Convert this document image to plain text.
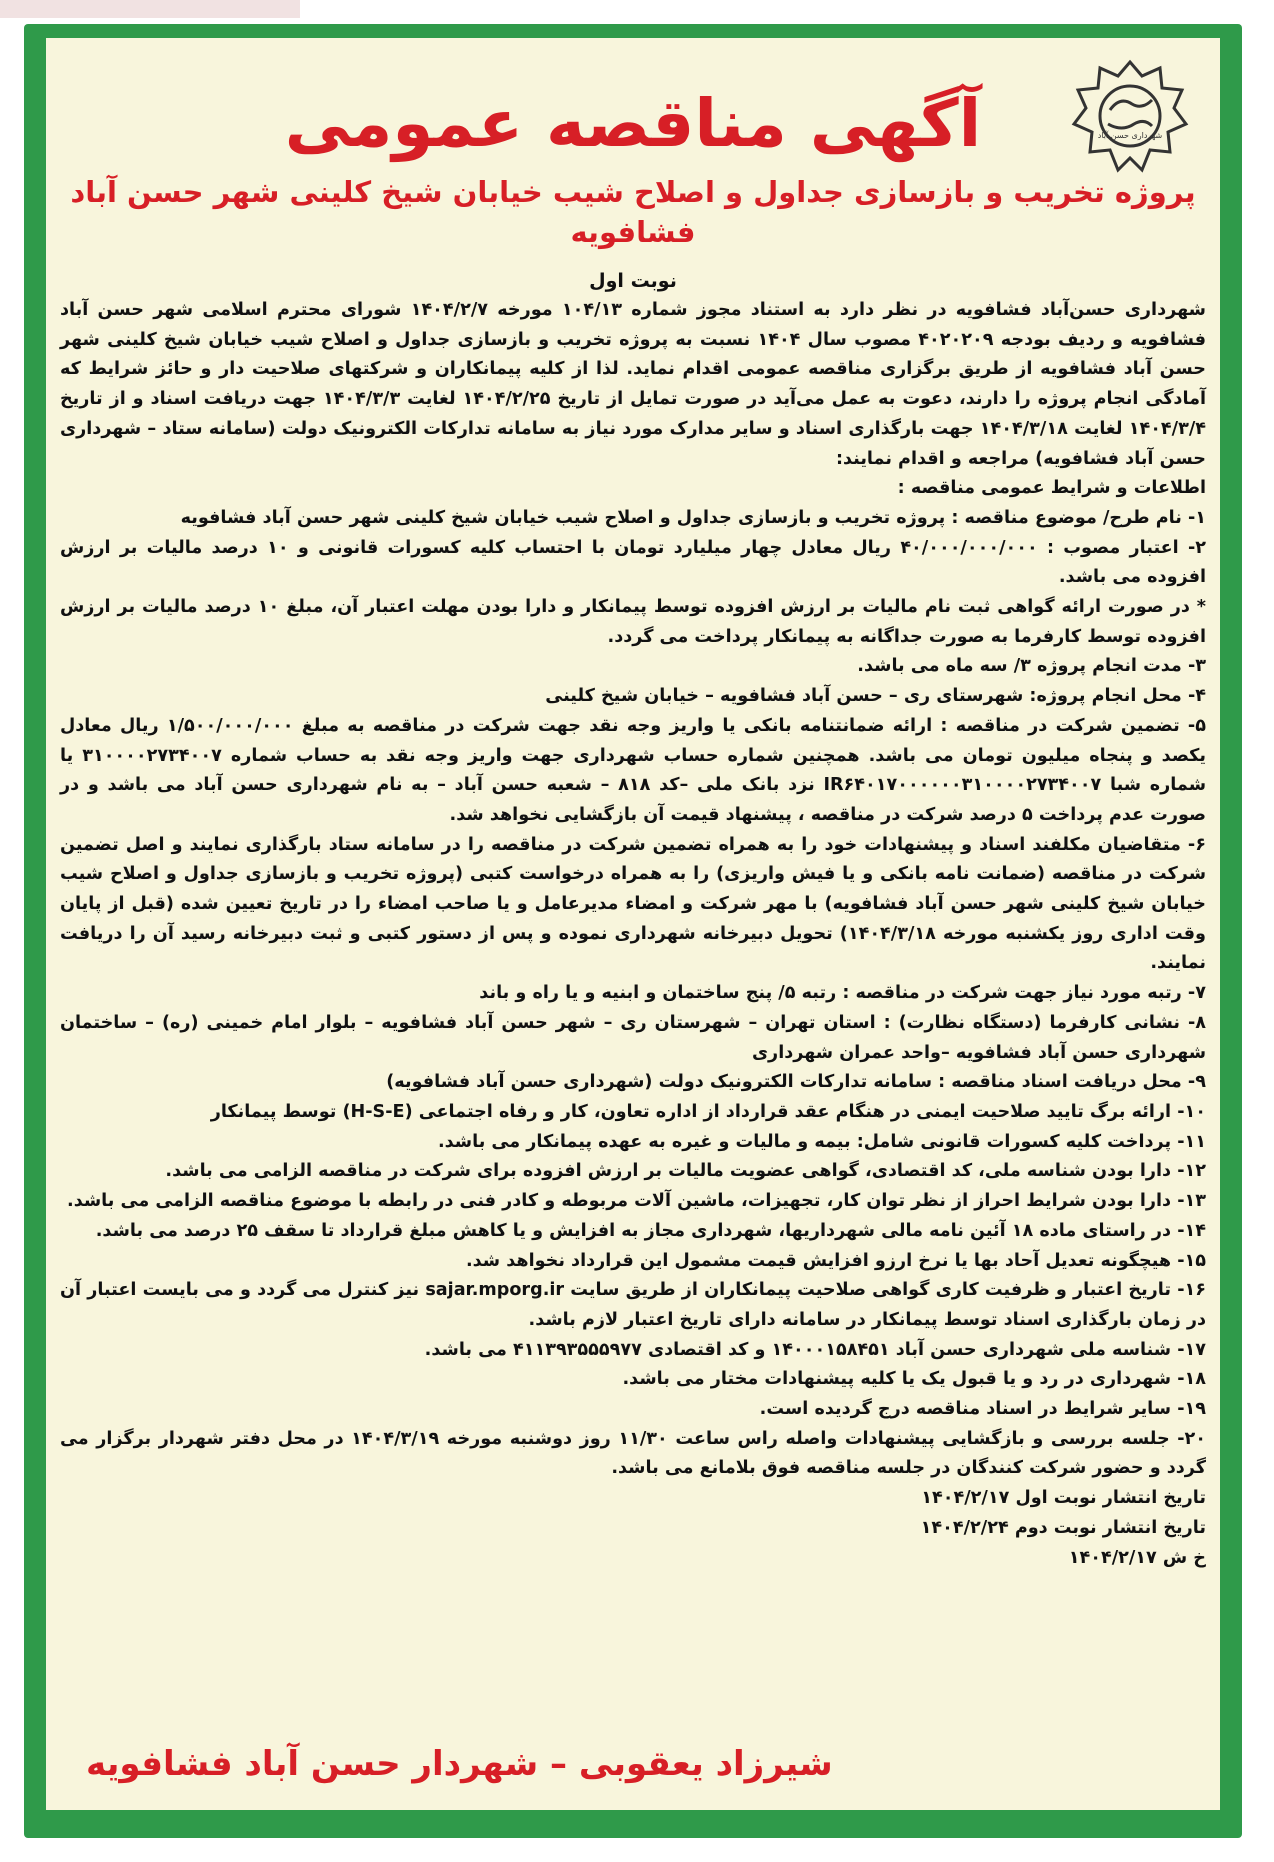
شهرداری حسن آباد
آگهی مناقصه عمومی
پروژه تخریب و بازسازی جداول و اصلاح شیب خیابان شیخ کلینی شهر حسن آباد فشافویه
نوبت اول

شهرداری حسن‌آباد فشافویه در نظر دارد به استناد مجوز شماره ۱۰۴/۱۳ مورخه ۱۴۰۴/۲/۷ شورای محترم اسلامی شهر حسن آباد فشافویه و ردیف بودجه ۴۰۲۰۲۰۹ مصوب سال ۱۴۰۴ نسبت به پروژه تخریب و بازسازی جداول و اصلاح شیب خیابان شیخ کلینی شهر حسن آباد فشافویه از طریق برگزاری مناقصه عمومی اقدام نماید. لذا از کلیه پیمانکاران و شرکتهای صلاحیت دار و حائز شرایط که آمادگی انجام پروژه را دارند، دعوت به عمل می‌آید در صورت تمایل از تاریخ ۱۴۰۴/۲/۲۵ لغایت ۱۴۰۴/۳/۳ جهت دریافت اسناد و از تاریخ ۱۴۰۴/۳/۴ لغایت ۱۴۰۴/۳/۱۸ جهت بارگذاری اسناد و سایر مدارک مورد نیاز به سامانه تدارکات الکترونیک دولت (سامانه ستاد – شهرداری حسن آباد فشافویه) مراجعه و اقدام نمایند:

اطلاعات و شرایط عمومی مناقصه :

۱- نام طرح/ موضوع مناقصه : پروژه تخریب و بازسازی جداول و اصلاح شیب خیابان شیخ کلینی شهر حسن آباد فشافویه

۲- اعتبار مصوب : ۴۰/۰۰۰/۰۰۰/۰۰۰ ریال معادل چهار میلیارد تومان با احتساب کلیه کسورات قانونی و ۱۰ درصد مالیات بر ارزش افزوده می باشد.

* در صورت ارائه گواهی ثبت نام مالیات بر ارزش افزوده توسط پیمانکار و دارا بودن مهلت اعتبار آن، مبلغ ۱۰ درصد مالیات بر ارزش افزوده توسط کارفرما به صورت جداگانه به پیمانکار پرداخت می گردد.

۳- مدت انجام پروژه ۳/ سه ماه می باشد.

۴- محل انجام پروژه: شهرستای ری – حسن آباد فشافویه – خیابان شیخ کلینی

۵- تضمین شرکت در مناقصه : ارائه ضمانتنامه بانکی یا واریز وجه نقد جهت شرکت در مناقصه به مبلغ ۱/۵۰۰/۰۰۰/۰۰۰ ریال معادل یکصد و پنجاه میلیون تومان می باشد. همچنین شماره حساب شهرداری جهت واریز وجه نقد به حساب شماره ۳۱۰۰۰۰۲۷۳۴۰۰۷ یا شماره شبا IR۶۴۰۱۷۰۰۰۰۰۰۳۱۰۰۰۰۲۷۳۴۰۰۷ نزد بانک ملی –کد ۸۱۸ – شعبه حسن آباد – به نام شهرداری حسن آباد می باشد و در صورت عدم پرداخت ۵ درصد شرکت در مناقصه ، پیشنهاد قیمت آن بازگشایی نخواهد شد.

۶- متقاضیان مکلفند اسناد و پیشنهادات خود را به همراه تضمین شرکت در مناقصه را در سامانه ستاد بارگذاری نمایند و اصل تضمین شرکت در مناقصه (ضمانت نامه بانکی و یا فیش واریزی) را به همراه درخواست کتبی (پروژه تخریب و بازسازی جداول و اصلاح شیب خیابان شیخ کلینی شهر حسن آباد فشافویه) با مهر شرکت و امضاء مدیرعامل و یا صاحب امضاء را در تاریخ تعیین شده (قبل از پایان وقت اداری روز یکشنبه مورخه ۱۴۰۴/۳/۱۸) تحویل دبیرخانه شهرداری نموده و پس از دستور کتبی و ثبت دبیرخانه رسید آن را دریافت نمایند.

۷- رتبه مورد نیاز جهت شرکت در مناقصه : رتبه ۵/ پنج ساختمان و ابنیه و یا راه و باند

۸- نشانی کارفرما (دستگاه نظارت) : استان تهران – شهرستان ری – شهر حسن آباد فشافویه – بلوار امام خمینی (ره) – ساختمان شهرداری حسن آباد فشافویه –واحد عمران شهرداری

۹- محل دریافت اسناد مناقصه : سامانه تدارکات الکترونیک دولت (شهرداری حسن آباد فشافویه)

۱۰- ارائه برگ تایید صلاحیت ایمنی در هنگام عقد قرارداد از اداره تعاون، کار و رفاه اجتماعی (H-S-E) توسط پیمانکار

۱۱- پرداخت کلیه کسورات قانونی شامل: بیمه و مالیات و غیره به عهده پیمانکار می باشد.

۱۲- دارا بودن شناسه ملی، کد اقتصادی، گواهی عضویت مالیات بر ارزش افزوده برای شرکت در مناقصه الزامی می باشد.

۱۳- دارا بودن شرایط احراز از نظر توان کار، تجهیزات، ماشین آلات مربوطه و کادر فنی در رابطه با موضوع مناقصه الزامی می باشد.

۱۴- در راستای ماده ۱۸ آئین نامه مالی شهرداریها، شهرداری مجاز به افزایش و یا کاهش مبلغ قرارداد تا سقف ۲۵ درصد می باشد.

۱۵- هیچگونه تعدیل آحاد بها یا نرخ ارزو افزایش قیمت مشمول این قرارداد نخواهد شد.

۱۶- تاریخ اعتبار و ظرفیت کاری گواهی صلاحیت پیمانکاران از طریق سایت sajar.mporg.ir نیز کنترل می گردد و می بایست اعتبار آن در زمان بارگذاری اسناد توسط پیمانکار در سامانه دارای تاریخ اعتبار لازم باشد.

۱۷- شناسه ملی شهرداری حسن آباد ۱۴۰۰۰۱۵۸۴۵۱ و کد اقتصادی ۴۱۱۳۹۳۵۵۵۹۷۷ می باشد.

۱۸- شهرداری در رد و یا قبول یک یا کلیه پیشنهادات مختار می باشد.

۱۹- سایر شرایط در اسناد مناقصه درج گردیده است.

۲۰- جلسه بررسی و بازگشایی پیشنهادات واصله راس ساعت ۱۱/۳۰ روز دوشنبه مورخه ۱۴۰۴/۳/۱۹ در محل دفتر شهردار برگزار می گردد و حضور شرکت کنندگان در جلسه مناقصه فوق بلامانع می باشد.

تاریخ انتشار نوبت اول ۱۴۰۴/۲/۱۷

تاریخ انتشار نوبت دوم ۱۴۰۴/۲/۲۴

خ ش ۱۴۰۴/۲/۱۷

شیرزاد یعقوبی – شهردار حسن آباد فشافویه
